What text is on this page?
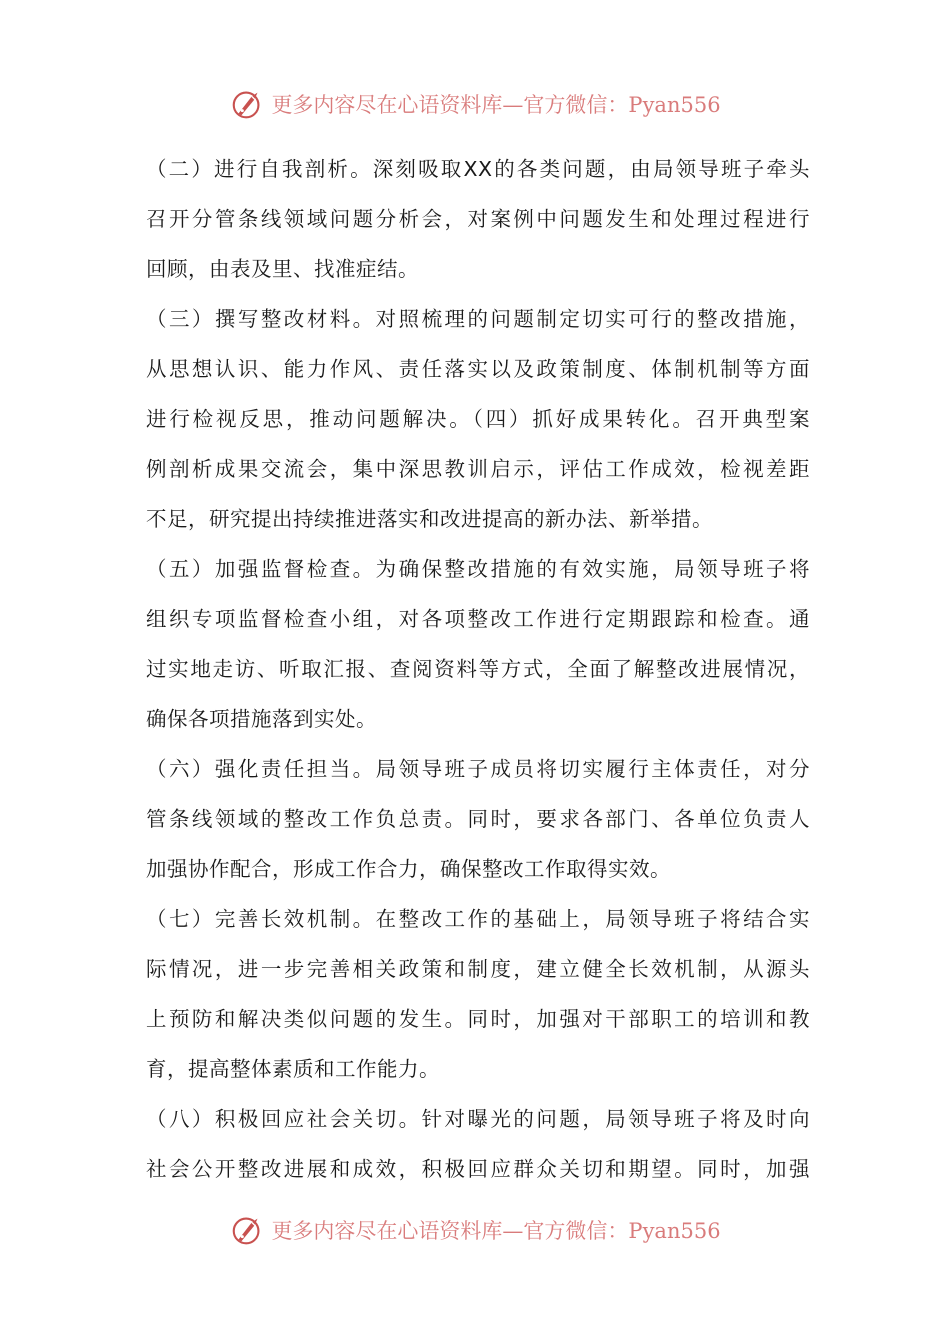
更多内容尽在心语资料库—官方微信：Pyan556
（二）进行自我剖析。深刻吸取XX的各类问题，由局领导班子牵头
召开分管条线领域问题分析会，对案例中问题发生和处理过程进行
回顾，由表及里、找准症结。
（三）撰写整改材料。对照梳理的问题制定切实可行的整改措施，
从思想认识、能力作风、责任落实以及政策制度、体制机制等方面
进行检视反思，推动问题解决。（四）抓好成果转化。召开典型案
例剖析成果交流会，集中深思教训启示，评估工作成效，检视差距
不足，研究提出持续推进落实和改进提高的新办法、新举措。
（五）加强监督检查。为确保整改措施的有效实施，局领导班子将
组织专项监督检查小组，对各项整改工作进行定期跟踪和检查。通
过实地走访、听取汇报、查阅资料等方式，全面了解整改进展情况，
确保各项措施落到实处。
（六）强化责任担当。局领导班子成员将切实履行主体责任，对分
管条线领域的整改工作负总责。同时，要求各部门、各单位负责人
加强协作配合，形成工作合力，确保整改工作取得实效。
（七）完善长效机制。在整改工作的基础上，局领导班子将结合实
际情况，进一步完善相关政策和制度，建立健全长效机制，从源头
上预防和解决类似问题的发生。同时，加强对干部职工的培训和教
育，提高整体素质和工作能力。
（八）积极回应社会关切。针对曝光的问题，局领导班子将及时向
社会公开整改进展和成效，积极回应群众关切和期望。同时，加强
更多内容尽在心语资料库—官方微信：Pyan556
